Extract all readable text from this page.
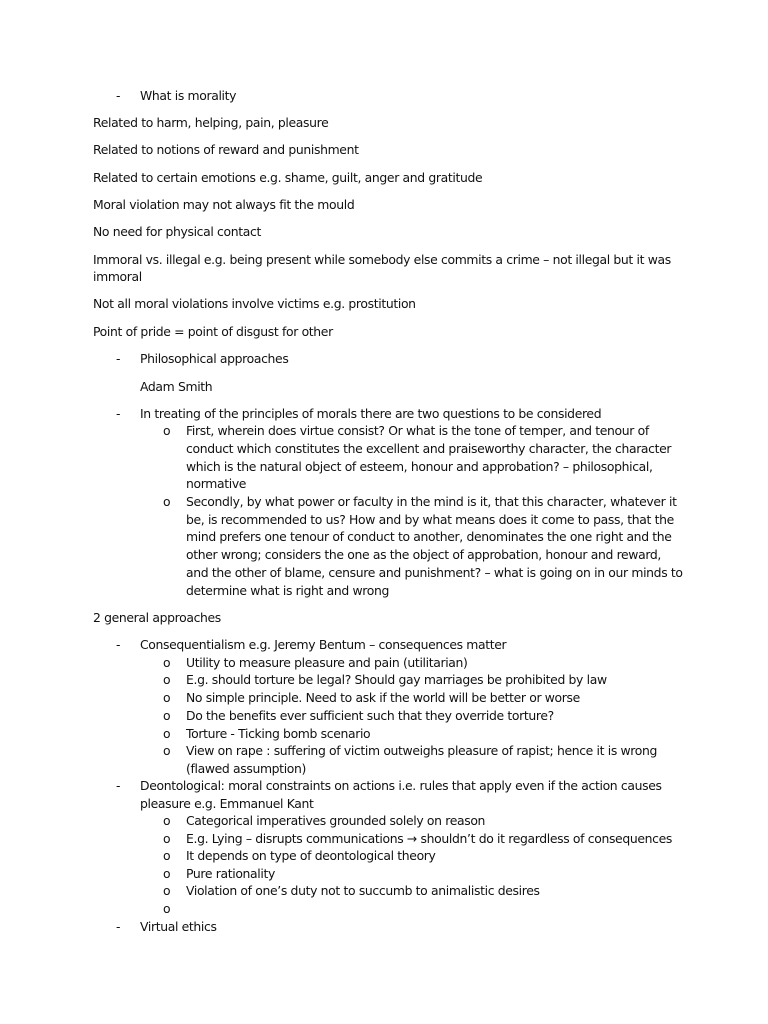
- What is morality
Related to harm, helping, pain, pleasure
Related to notions of reward and punishment
Related to certain emotions e.g. shame, guilt, anger and gratitude
Moral violation may not always fit the mould
No need for physical contact
Immoral vs. illegal e.g. being present while somebody else commits a crime – not illegal but it was
immoral
Not all moral violations involve victims e.g. prostitution
Point of pride = point of disgust for other
- Philosophical approaches
Adam Smith
- In treating of the principles of morals there are two questions to be considered
o First, wherein does virtue consist? Or what is the tone of temper, and tenour of
conduct which constitutes the excellent and praiseworthy character, the character
which is the natural object of esteem, honour and approbation? – philosophical,
normative
o Secondly, by what power or faculty in the mind is it, that this character, whatever it
be, is recommended to us? How and by what means does it come to pass, that the
mind prefers one tenour of conduct to another, denominates the one right and the
other wrong; considers the one as the object of approbation, honour and reward,
and the other of blame, censure and punishment? – what is going on in our minds to
determine what is right and wrong
2 general approaches
- Consequentialism e.g. Jeremy Bentum – consequences matter
o Utility to measure pleasure and pain (utilitarian)
o E.g. should torture be legal? Should gay marriages be prohibited by law
o No simple principle. Need to ask if the world will be better or worse
o Do the benefits ever sufficient such that they override torture?
o Torture - Ticking bomb scenario
o View on rape : suffering of victim outweighs pleasure of rapist; hence it is wrong
(flawed assumption)
- Deontological: moral constraints on actions i.e. rules that apply even if the action causes
pleasure e.g. Emmanuel Kant
o Categorical imperatives grounded solely on reason
o E.g. Lying – disrupts communications → shouldn’t do it regardless of consequences
o It depends on type of deontological theory
o Pure rationality
o Violation of one’s duty not to succumb to animalistic desires
o
- Virtual ethics
